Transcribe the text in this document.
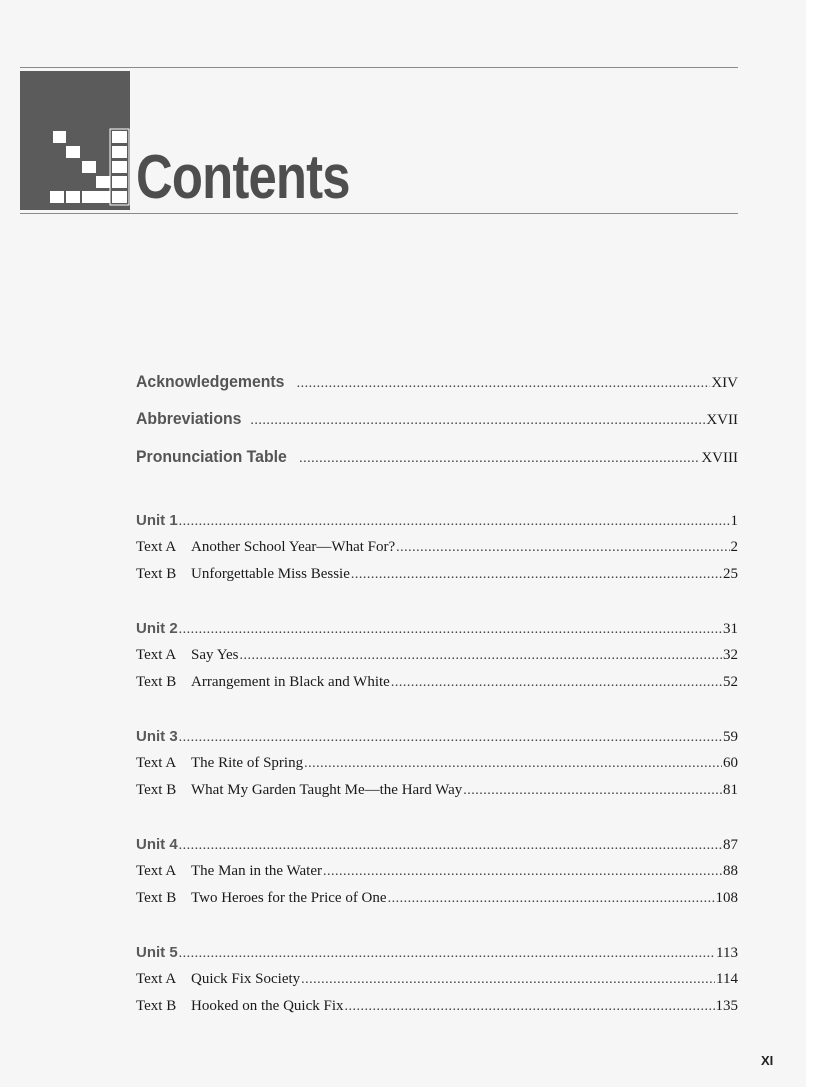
Contents
Acknowledgements .....	XIV
Abbreviations .....	XVII
Pronunciation Table .....	XVIII
Unit 1 .....	1
Text A Another School Year—What For? .....	2
Text B Unforgettable Miss Bessie .....	25
Unit 2 .....	31
Text A Say Yes .....	32
Text B Arrangement in Black and White .....	52
Unit 3 .....	59
Text A The Rite of Spring .....	60
Text B What My Garden Taught Me—the Hard Way .....	81
Unit 4 .....	87
Text A The Man in the Water .....	88
Text B Two Heroes for the Price of One .....	108
Unit 5 .....	113
Text A Quick Fix Society .....	114
Text B Hooked on the Quick Fix .....	135
XI
